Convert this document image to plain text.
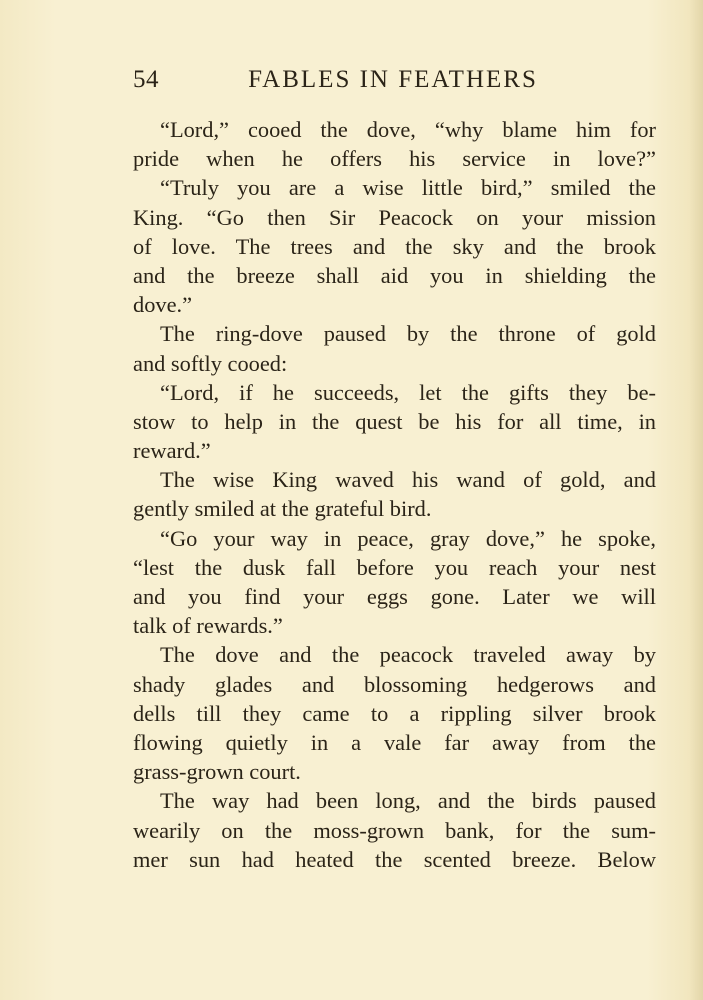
FABLES IN FEATHERS
54
“Lord,” cooed the dove, “why blame him for
pride when he offers his service in love?”
“Truly you are a wise little bird,” smiled the
King. “Go then Sir Peacock on your mission
of love. The trees and the sky and the brook
and the breeze shall aid you in shielding the
dove.”
The ring-dove paused by the throne of gold
and softly cooed:
“Lord, if he succeeds, let the gifts they be-
stow to help in the quest be his for all time, in
reward.”
The wise King waved his wand of gold, and
gently smiled at the grateful bird.
“Go your way in peace, gray dove,” he spoke,
“lest the dusk fall before you reach your nest
and you find your eggs gone. Later we will
talk of rewards.”
The dove and the peacock traveled away by
shady glades and blossoming hedgerows and
dells till they came to a rippling silver brook
flowing quietly in a vale far away from the
grass-grown court.
The way had been long, and the birds paused
wearily on the moss-grown bank, for the sum-
mer sun had heated the scented breeze. Below
